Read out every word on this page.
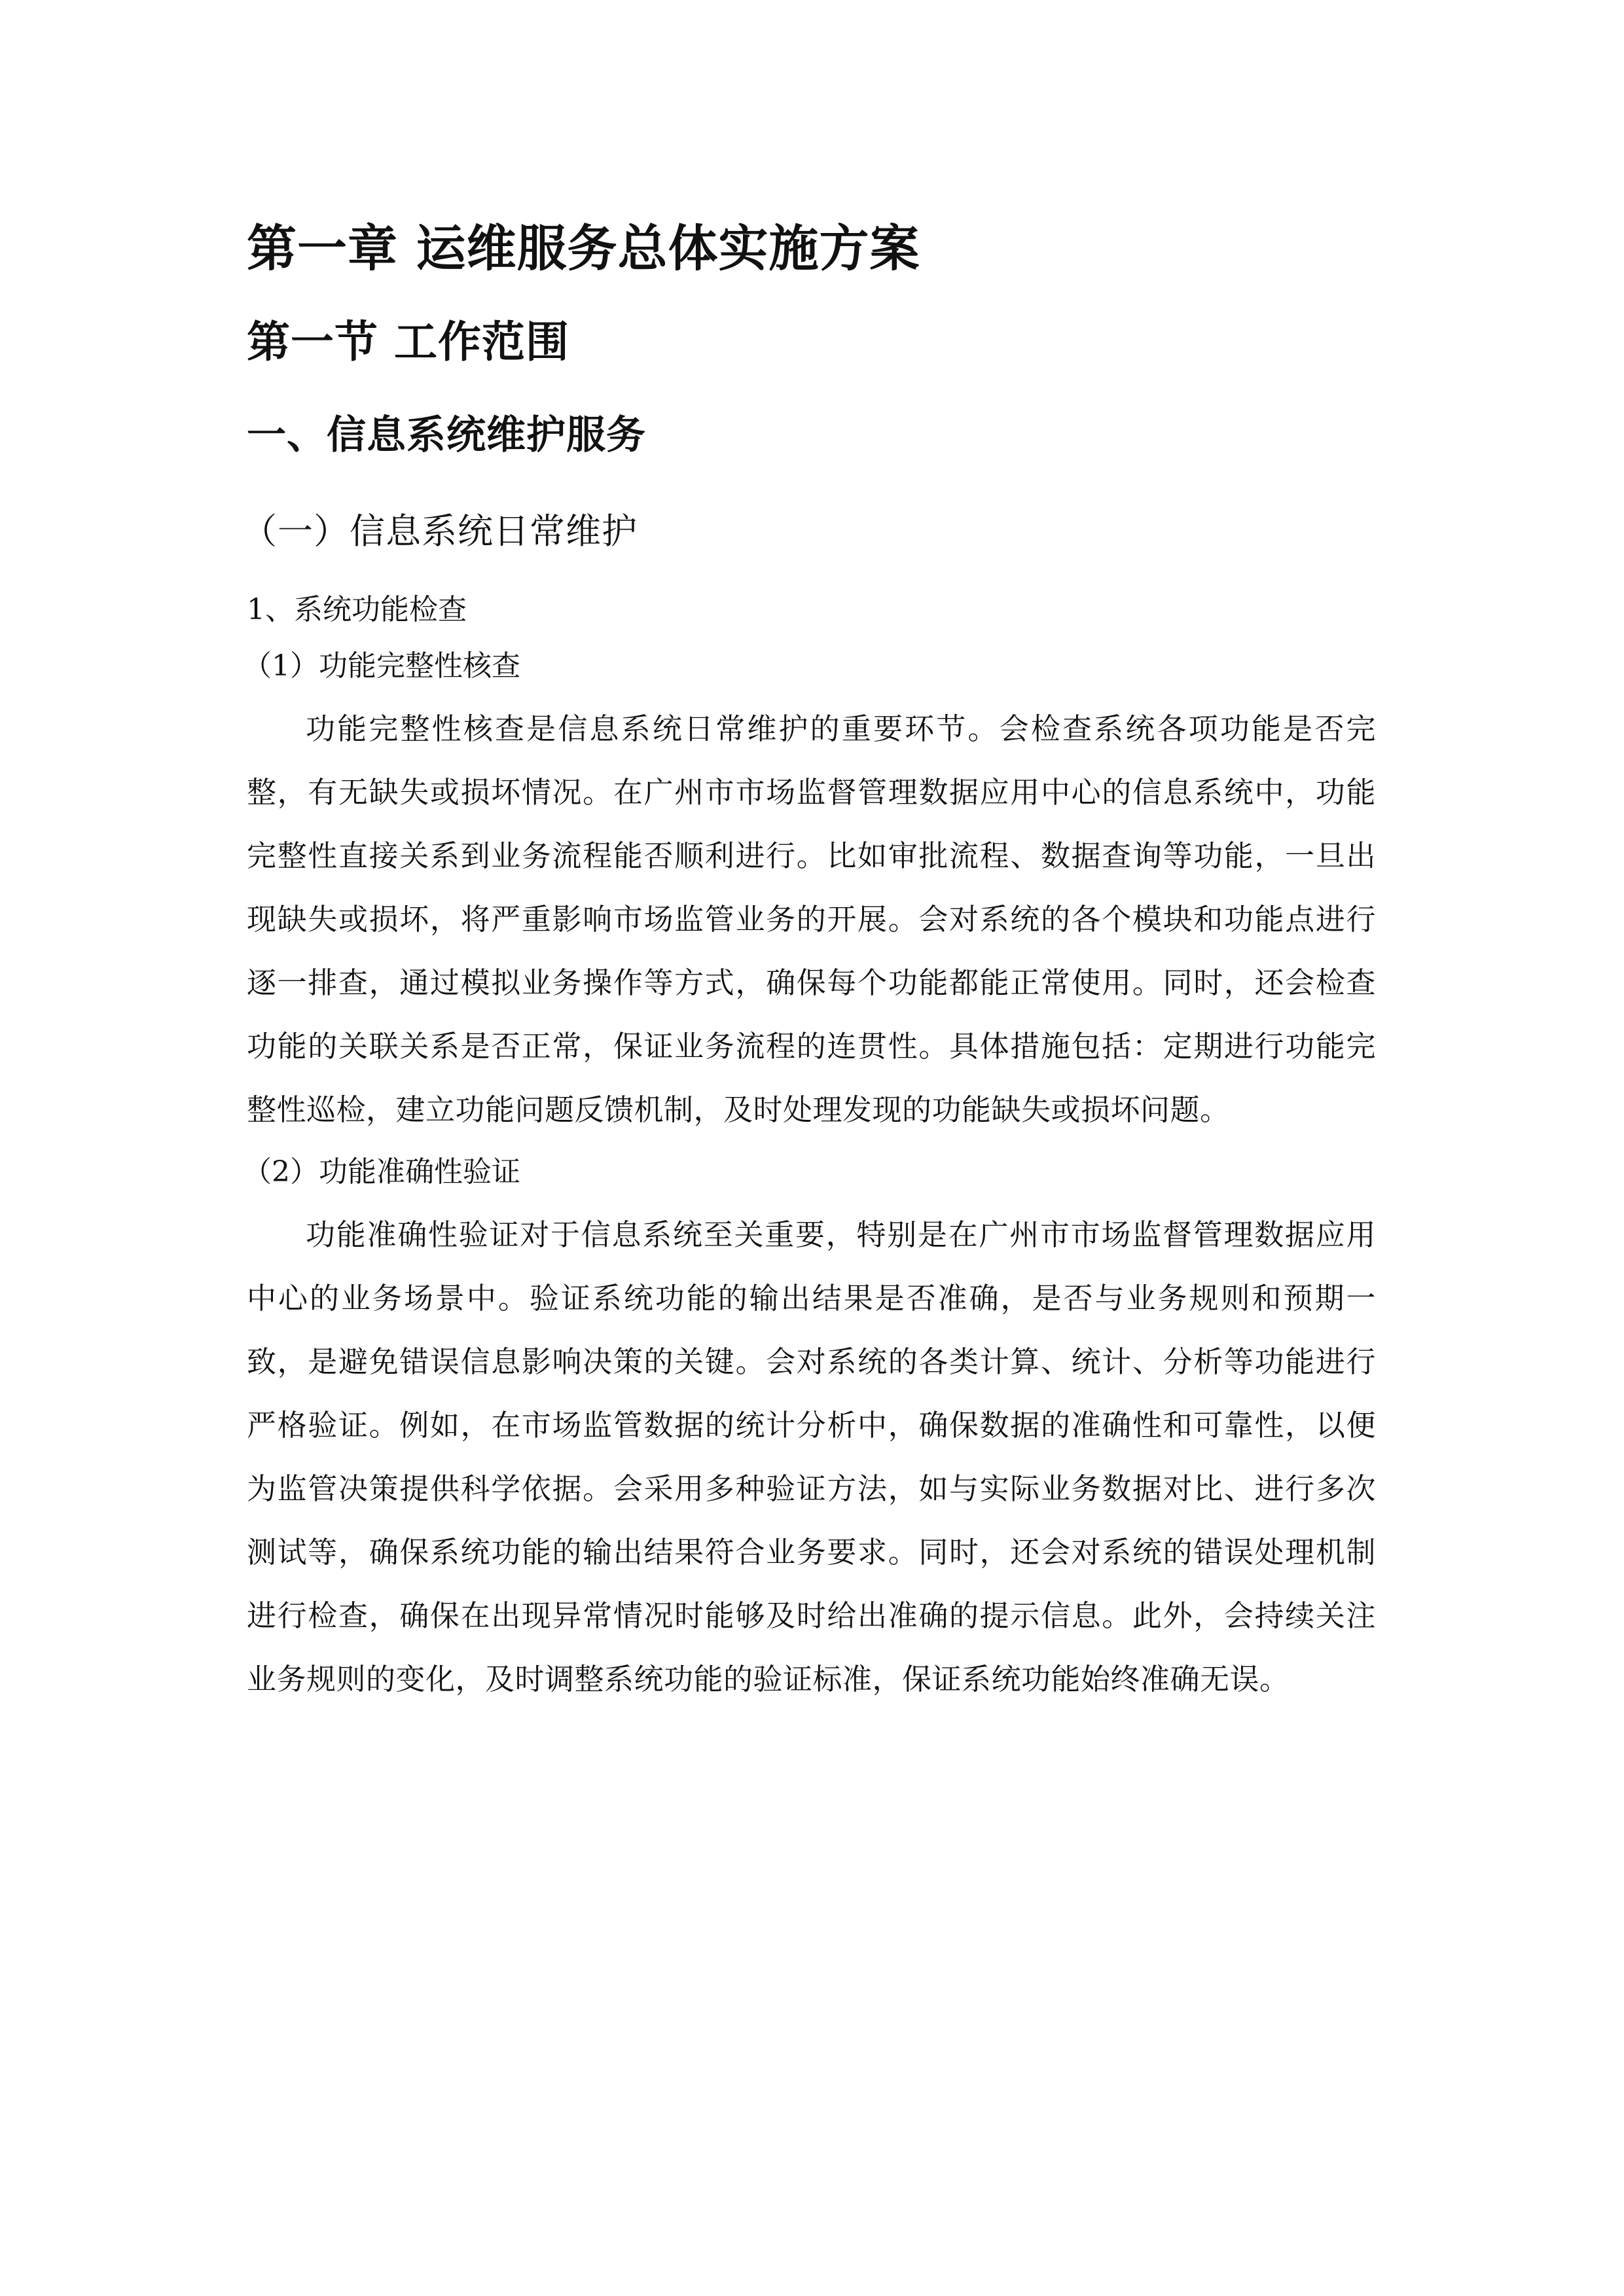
第一章 运维服务总体实施方案
第一节 工作范围
一、信息系统维护服务
（一）信息系统日常维护
1、系统功能检查
（1）功能完整性核查

功能完整性核查是信息系统日常维护的重要环节。会检查系统各项功能是否完整，有无缺失或损坏情况。在广州市市场监督管理数据应用中心的信息系统中，功能完整性直接关系到业务流程能否顺利进行。比如审批流程、数据查询等功能，一旦出现缺失或损坏，将严重影响市场监管业务的开展。会对系统的各个模块和功能点进行逐一排查，通过模拟业务操作等方式，确保每个功能都能正常使用。同时，还会检查功能的关联关系是否正常，保证业务流程的连贯性。具体措施包括：定期进行功能完整性巡检，建立功能问题反馈机制，及时处理发现的功能缺失或损坏问题。

（2）功能准确性验证

功能准确性验证对于信息系统至关重要，特别是在广州市市场监督管理数据应用中心的业务场景中。验证系统功能的输出结果是否准确，是否与业务规则和预期一致，是避免错误信息影响决策的关键。会对系统的各类计算、统计、分析等功能进行严格验证。例如，在市场监管数据的统计分析中，确保数据的准确性和可靠性，以便为监管决策提供科学依据。会采用多种验证方法，如与实际业务数据对比、进行多次测试等，确保系统功能的输出结果符合业务要求。同时，还会对系统的错误处理机制进行检查，确保在出现异常情况时能够及时给出准确的提示信息。此外，会持续关注业务规则的变化，及时调整系统功能的验证标准，保证系统功能始终准确无误。
